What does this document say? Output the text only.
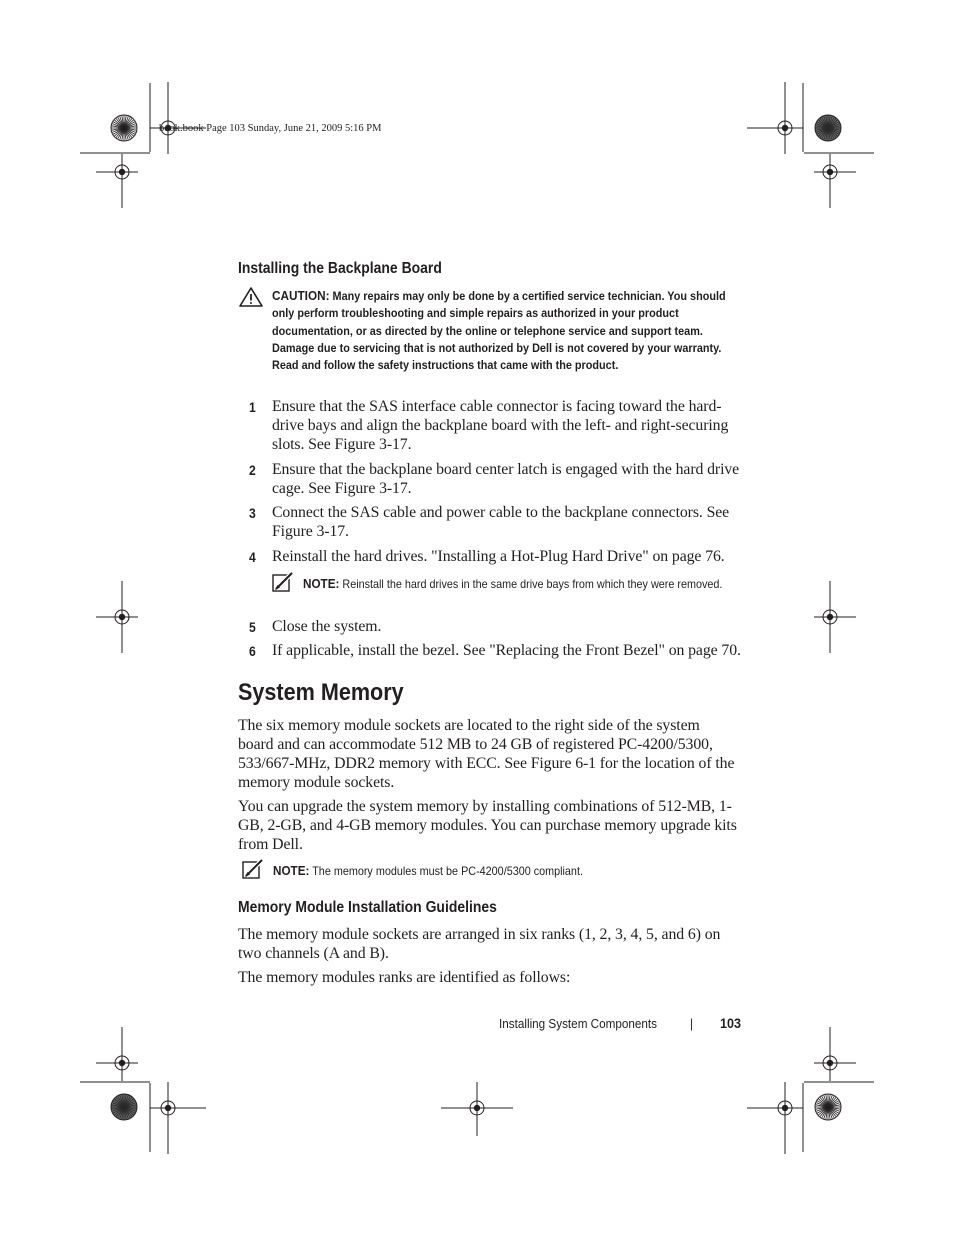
book.book Page 103 Sunday, June 21, 2009 5:16 PM
Installing the Backplane Board
CAUTION: Many repairs may only be done by a certified service technician. You should only perform troubleshooting and simple repairs as authorized in your product documentation, or as directed by the online or telephone service and support team. Damage due to servicing that is not authorized by Dell is not covered by your warranty. Read and follow the safety instructions that came with the product.
1 Ensure that the SAS interface cable connector is facing toward the hard-drive bays and align the backplane board with the left- and right-securing slots. See Figure 3-17.
2 Ensure that the backplane board center latch is engaged with the hard drive cage. See Figure 3-17.
3 Connect the SAS cable and power cable to the backplane connectors. See Figure 3-17.
4 Reinstall the hard drives. "Installing a Hot-Plug Hard Drive" on page 76.
NOTE: Reinstall the hard drives in the same drive bays from which they were removed.
5 Close the system.
6 If applicable, install the bezel. See "Replacing the Front Bezel" on page 70.
System Memory
The six memory module sockets are located to the right side of the system board and can accommodate 512 MB to 24 GB of registered PC-4200/5300, 533/667-MHz, DDR2 memory with ECC. See Figure 6-1 for the location of the memory module sockets.
You can upgrade the system memory by installing combinations of 512-MB, 1-GB, 2-GB, and 4-GB memory modules. You can purchase memory upgrade kits from Dell.
NOTE: The memory modules must be PC-4200/5300 compliant.
Memory Module Installation Guidelines
The memory module sockets are arranged in six ranks (1, 2, 3, 4, 5, and 6) on two channels (A and B).
The memory modules ranks are identified as follows:
Installing System Components	| 103
